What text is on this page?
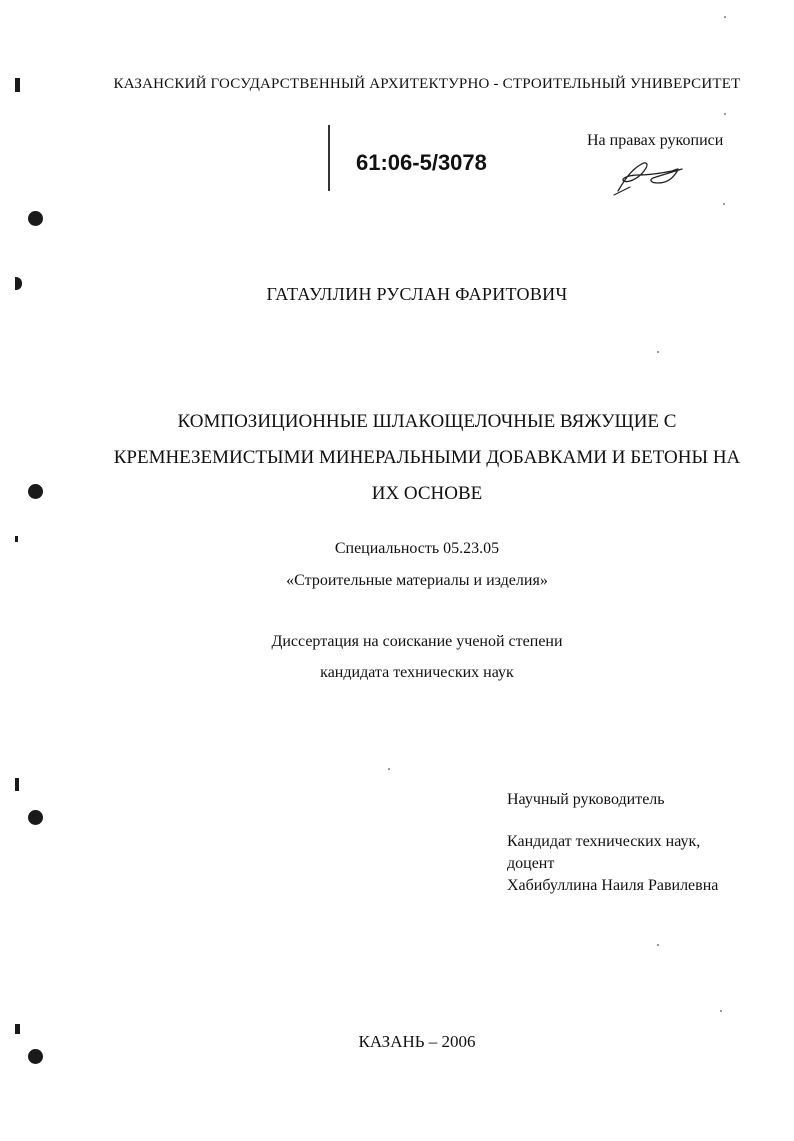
КАЗАНСКИЙ ГОСУДАРСТВЕННЫЙ АРХИТЕКТУРНО - СТРОИТЕЛЬНЫЙ УНИВЕРСИТЕТ
61:06-5/3078
На правах рукописи
ГАТАУЛЛИН РУСЛАН ФАРИТОВИЧ
КОМПОЗИЦИОННЫЕ ШЛАКОЩЕЛОЧНЫЕ ВЯЖУЩИЕ С
КРЕМНЕЗЕМИСТЫМИ МИНЕРАЛЬНЫМИ ДОБАВКАМИ И БЕТОНЫ НА
ИХ ОСНОВЕ
Специальность 05.23.05
«Строительные материалы и изделия»
Диссертация на соискание ученой степени
кандидата технических наук
Научный руководитель
Кандидат технических наук,
доцент
Хабибуллина Наиля Равилевна
КАЗАНЬ – 2006
